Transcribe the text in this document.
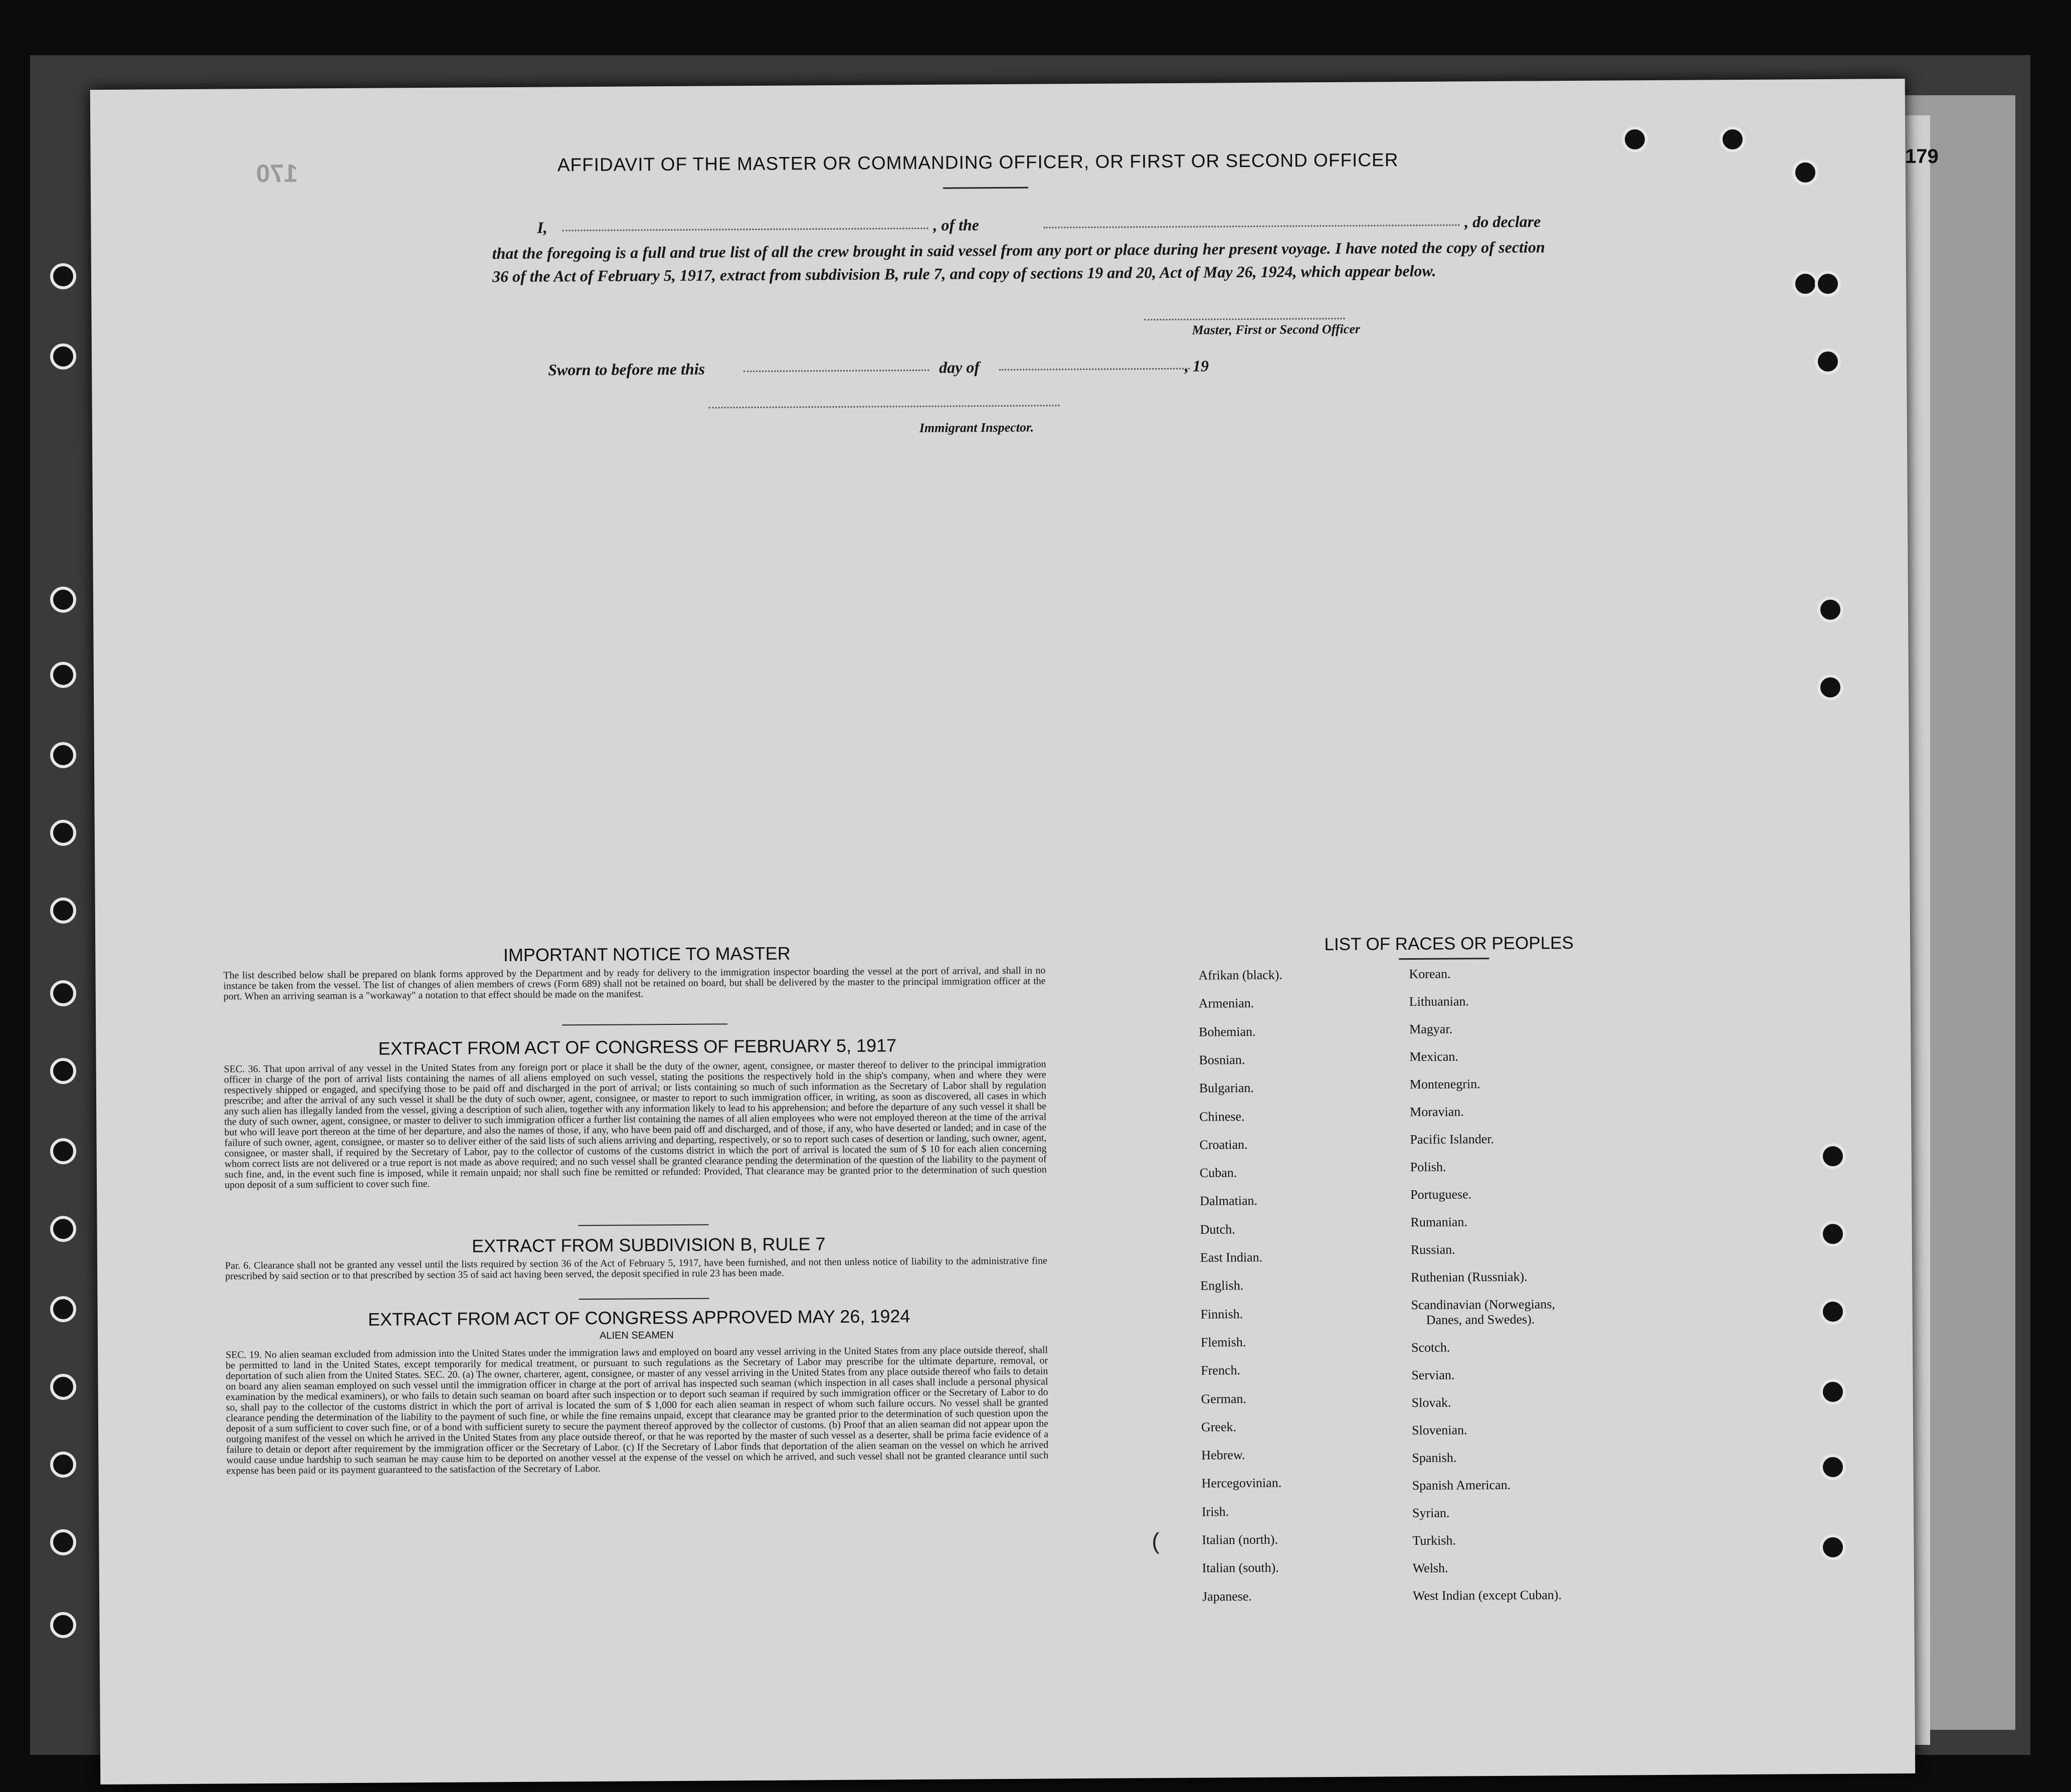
179
170	AFFIDAVIT OF THE MASTER OR COMMANDING OFFICER, OR FIRST OR SECOND OFFICER
I,	, of the	, do declare
that the foregoing is a full and true list of all the crew brought in said vessel from any port or place during her present voyage. I have noted the copy of section 36 of the Act of February 5, 1917, extract from subdivision B, rule 7, and copy of sections 19 and 20, Act of May 26, 1924, which appear below.
Master, First or Second Officer
Sworn to before me this	day of	, 19
Immigrant Inspector.
IMPORTANT NOTICE TO MASTER
The list described below shall be prepared on blank forms approved by the Department and by ready for delivery to the immigration inspector boarding the vessel at the port of arrival, and shall in no instance be taken from the vessel. The list of changes of alien members of crews (Form 689) shall not be retained on board, but shall be delivered by the master to the principal immigration officer at the port. When an arriving seaman is a "workaway" a notation to that effect should be made on the manifest.
EXTRACT FROM ACT OF CONGRESS OF FEBRUARY 5, 1917
SEC. 36. That upon arrival of any vessel in the United States from any foreign port or place it shall be the duty of the owner, agent, consignee, or master thereof to deliver to the principal immigration officer in charge of the port of arrival lists containing the names of all aliens employed on such vessel, stating the positions the respectively hold in the ship's company, when and where they were respectively shipped or engaged, and specifying those to be paid off and discharged in the port of arrival; or lists containing so much of such information as the Secretary of Labor shall by regulation prescribe; and after the arrival of any such vessel it shall be the duty of such owner, agent, consignee, or master to report to such immigration officer, in writing, as soon as discovered, all cases in which any such alien has illegally landed from the vessel, giving a description of such alien, together with any information likely to lead to his apprehension; and before the departure of any such vessel it shall be the duty of such owner, agent, consignee, or master to deliver to such immigration officer a further list containing the names of all alien employees who were not employed thereon at the time of the arrival but who will leave port thereon at the time of her departure, and also the names of those, if any, who have been paid off and discharged, and of those, if any, who have deserted or landed; and in case of the failure of such owner, agent, consignee, or master so to deliver either of the said lists of such aliens arriving and departing, respectively, or so to report such cases of desertion or landing, such owner, agent, consignee, or master shall, if required by the Secretary of Labor, pay to the collector of customs of the customs district in which the port of arrival is located the sum of $ 10 for each alien concerning whom correct lists are not delivered or a true report is not made as above required; and no such vessel shall be granted clearance pending the determination of the question of the liability to the payment of such fine, and, in the event such fine is imposed, while it remain unpaid; nor shall such fine be remitted or refunded: Provided, That clearance may be granted prior to the determination of such question upon deposit of a sum sufficient to cover such fine.
EXTRACT FROM SUBDIVISION B, RULE 7
Par. 6. Clearance shall not be granted any vessel until the lists required by section 36 of the Act of February 5, 1917, have been furnished, and not then unless notice of liability to the administrative fine prescribed by said section or to that prescribed by section 35 of said act having been served, the deposit specified in rule 23 has been made.
EXTRACT FROM ACT OF CONGRESS APPROVED MAY 26, 1924
ALIEN SEAMEN
SEC. 19. No alien seaman excluded from admission into the United States under the immigration laws and employed on board any vessel arriving in the United States from any place outside thereof, shall be permitted to land in the United States, except temporarily for medical treatment, or pursuant to such regulations as the Secretary of Labor may prescribe for the ultimate departure, removal, or deportation of such alien from the United States. SEC. 20. (a) The owner, charterer, agent, consignee, or master of any vessel arriving in the United States from any place outside thereof who fails to detain on board any alien seaman employed on such vessel until the immigration officer in charge at the port of arrival has inspected such seaman (which inspection in all cases shall include a personal physical examination by the medical examiners), or who fails to detain such seaman on board after such inspection or to deport such seaman if required by such immigration officer or the Secretary of Labor to do so, shall pay to the collector of the customs district in which the port of arrival is located the sum of $ 1,000 for each alien seaman in respect of whom such failure occurs. No vessel shall be granted clearance pending the determination of the liability to the payment of such fine, or while the fine remains unpaid, except that clearance may be granted prior to the determination of such question upon the deposit of a sum sufficient to cover such fine, or of a bond with sufficient surety to secure the payment thereof approved by the collector of customs. (b) Proof that an alien seaman did not appear upon the outgoing manifest of the vessel on which he arrived in the United States from any place outside thereof, or that he was reported by the master of such vessel as a deserter, shall be prima facie evidence of a failure to detain or deport after requirement by the immigration officer or the Secretary of Labor. (c) If the Secretary of Labor finds that deportation of the alien seaman on the vessel on which he arrived would cause undue hardship to such seaman he may cause him to be deported on another vessel at the expense of the vessel on which he arrived, and such vessel shall not be granted clearance until such expense has been paid or its payment guaranteed to the satisfaction of the Secretary of Labor.
LIST OF RACES OR PEOPLES
Afrikan (black).
Armenian.
Bohemian.
Bosnian.
Bulgarian.
Chinese.
Croatian.
Cuban.
Dalmatian.
Dutch.
East Indian.
English.
Finnish.
Flemish.
French.
German.
Greek.
Hebrew.
Hercegovinian.
Irish.
Italian (north).
Italian (south).
Japanese.
Korean.
Lithuanian.
Magyar.
Mexican.
Montenegrin.
Moravian.
Pacific Islander.
Polish.
Portuguese.
Rumanian.
Russian.
Ruthenian (Russniak).
Scandinavian (Norwegians,
Danes, and Swedes).
Scotch.
Servian.
Slovak.
Slovenian.
Spanish.
Spanish American.
Syrian.
Turkish.
Welsh.
West Indian (except Cuban).
(
